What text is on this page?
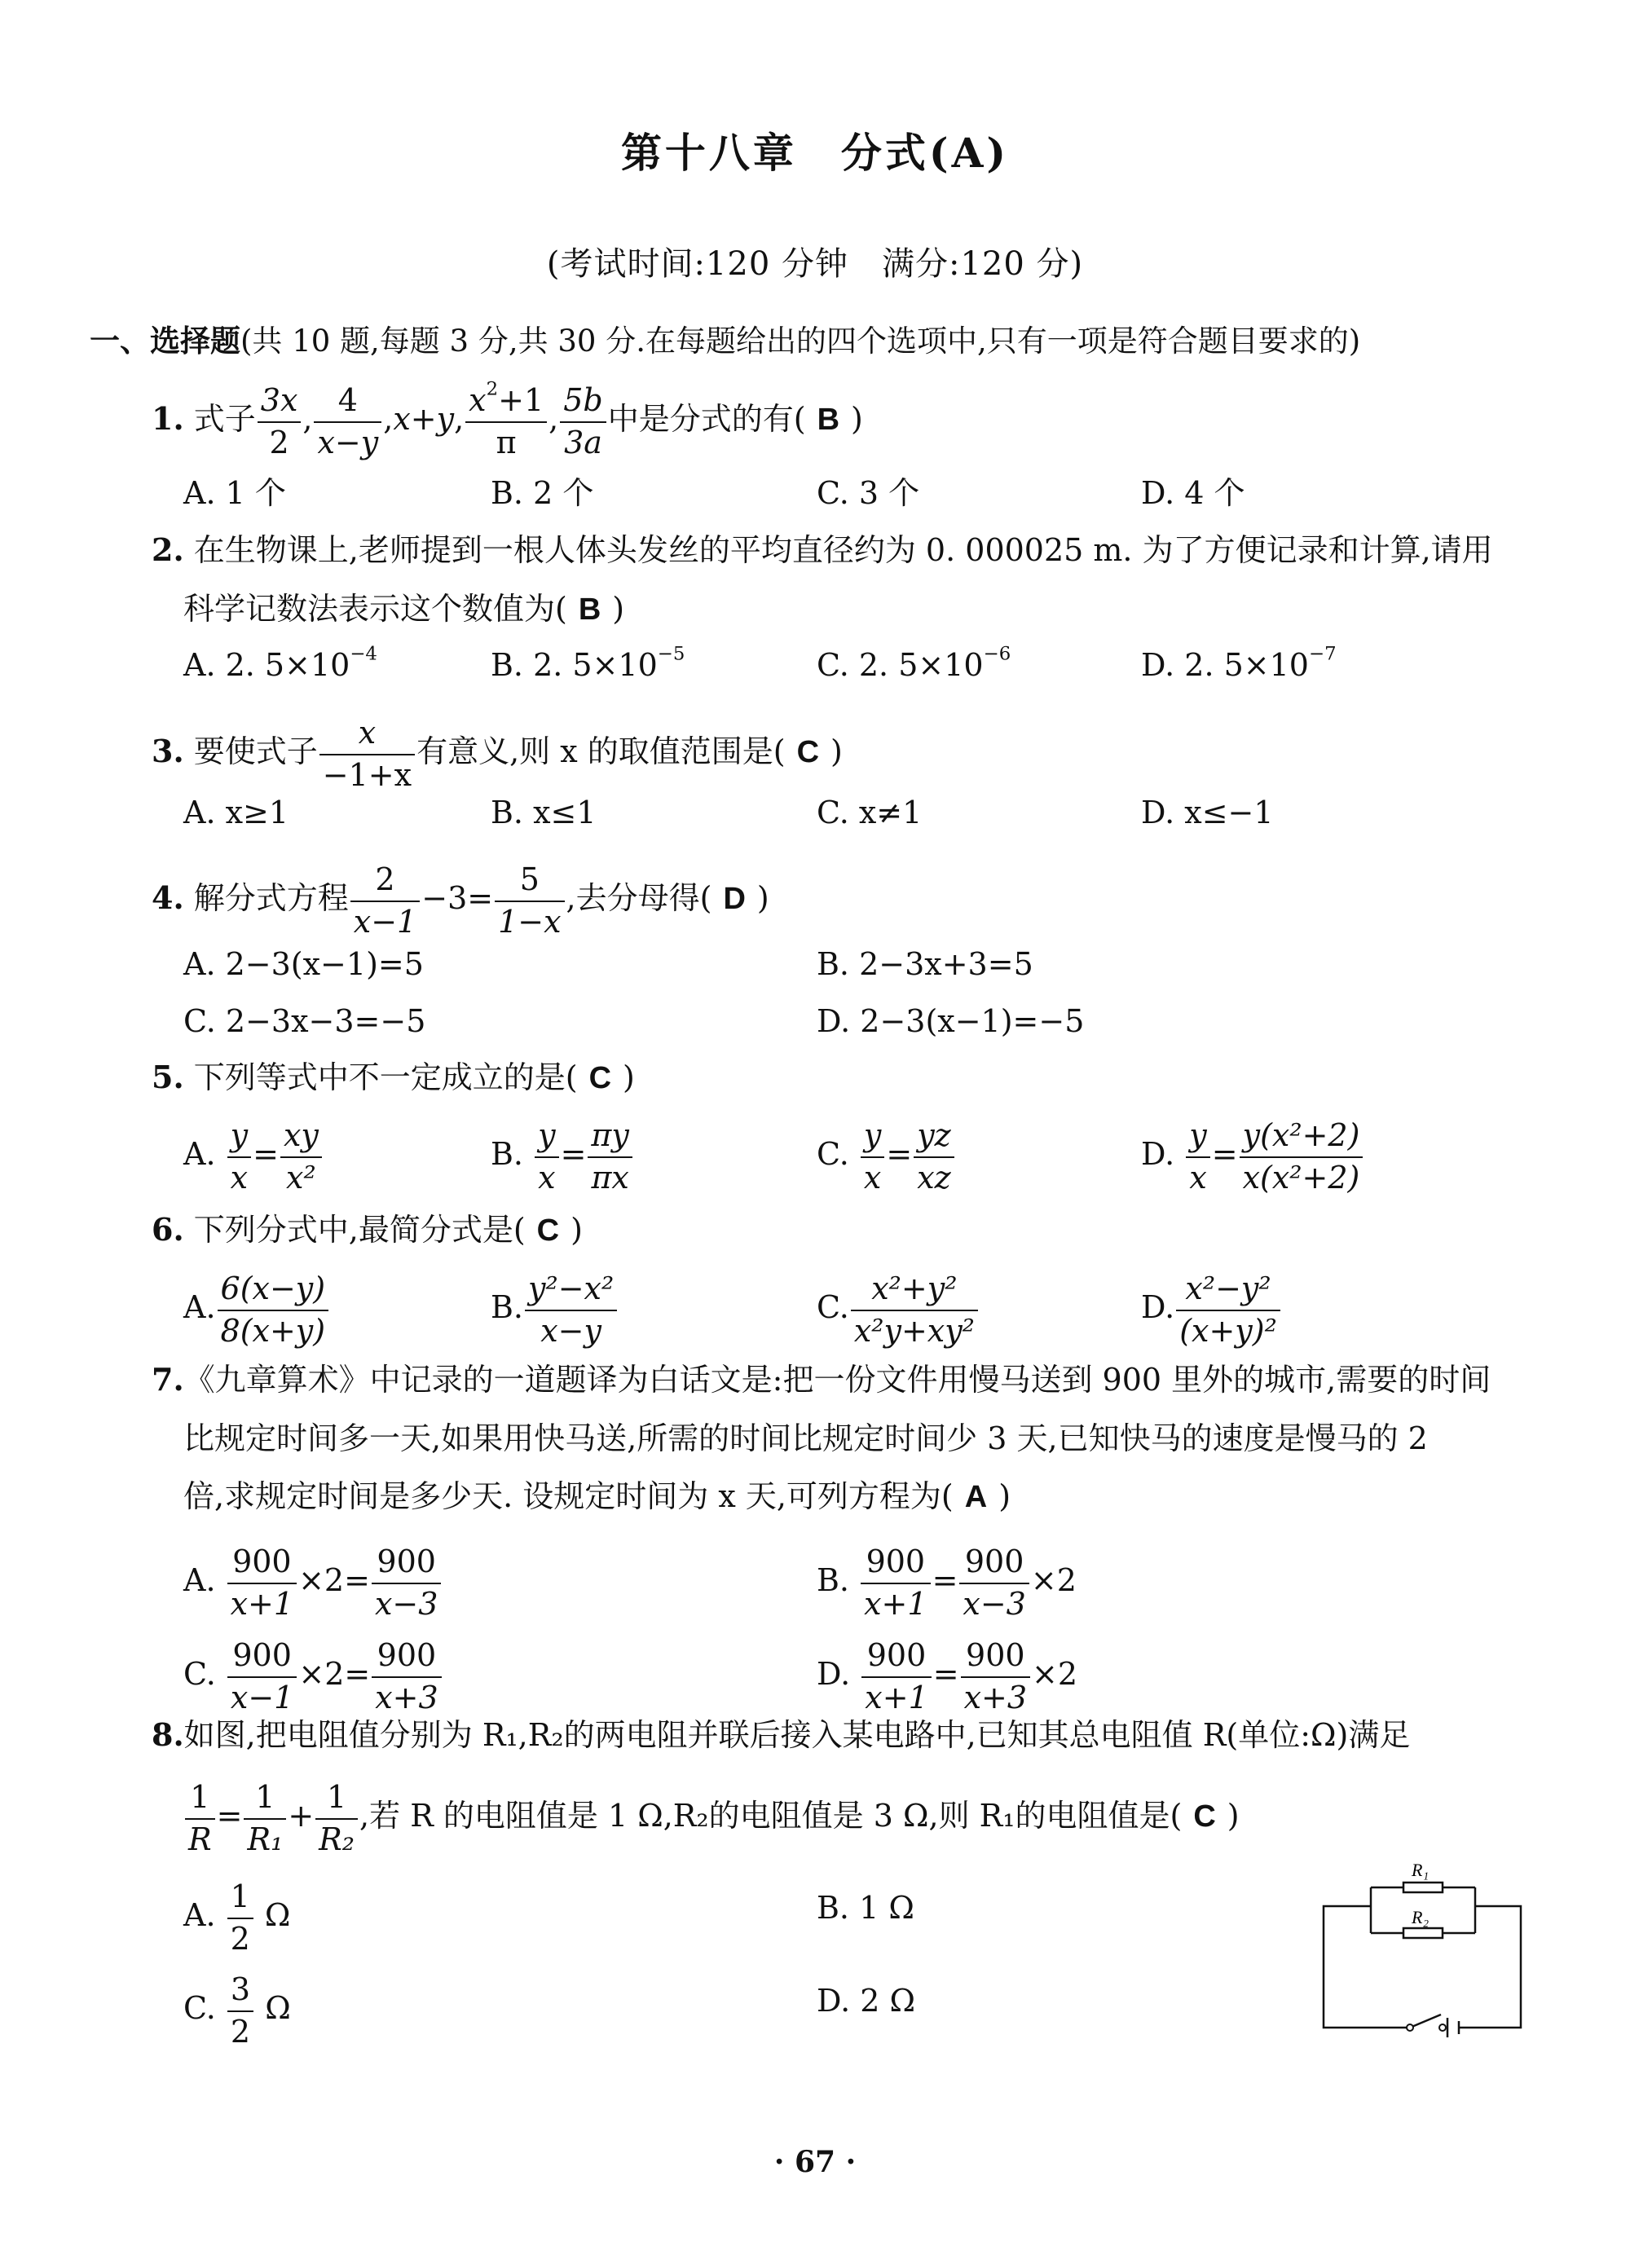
第十八章　分式(A)
(考试时间:120 分钟　满分:120 分)
一、选择题(共 10 题,每题 3 分,共 30 分.在每题给出的四个选项中,只有一项是符合题目要求的)
1. 式子 $\frac{3x}{2}$ , $\frac{4}{x-y} ,x+y$, $\frac{x^2+1}{\pi}$ , $\frac{5b}{3a}$ 中是分式的有( B )
A. 1 个	B. 2 个	C. 3 个	D. 4 个
2. 在生物课上,老师提到一根人体头发丝的平均直径约为 0. 000025 m. 为了方便记录和计算,请用
科学记数法表示这个数值为( B )
A. 2. $5\times 10^{-4}$	B. 2. $5\times 10^{-5}$	C. 2. $5\times 10^{-6}$	D. 2. $5\times 10^{-7}$
3. 要使式子 $\frac{x}{-1+x}$ 有意义,则 x 的取值范围是( C )
A. x≥1	B. x≤1	C. x≠1	D. x≤−1
4. 解分式方程 $\frac{2}{x-1} -3= \frac{5}{1-x}$ ,去分母得( D )
A. 2−3(x−1)=5	B. 2−3x+3=5
C. 2−3x−3=−5	D. 2−3(x−1)=−5
5. 下列等式中不一定成立的是( C )
A. $\frac{y}{x} = \frac{xy}{\text{x²}}$	B. $\frac{y}{x} = \frac{\pi y}{\pi x}$	C. $\frac{y}{x} = \frac{yz}{xz}$	D. $\frac{y}{x} = \frac{\text{y(x²+2)}}{\text{x(x²+2)}}$
6. 下列分式中,最简分式是( C )
A. $\frac{6(x-y)}{8(x+y)}$	B. $\frac{\text{y²−x²}}{x-y}$	C. $\frac{\text{x²+y²}}{\text{x²y+xy²}}$	D. $\frac{\text{x²−y²}}{\text{(x+y)²}}$
7.《九章算术》中记录的一道题译为白话文是:把一份文件用慢马送到 900 里外的城市,需要的时间
比规定时间多一天,如果用快马送,所需的时间比规定时间少 3 天,已知快马的速度是慢马的 2
倍,求规定时间是多少天. 设规定时间为 x 天,可列方程为( A )
A. $\frac{900}{x+1} \times 2= \frac{900}{x-3}$	B. $\frac{900}{x+1} = \frac{900}{x-3} \times 2$
C. $\frac{900}{x-1} \times 2= \frac{900}{x+3}$	D. $\frac{900}{x+1} = \frac{900}{x+3} \times 2$
8.如图,把电阻值分别为 R₁,R₂的两电阻并联后接入某电路中,已知其总电阻值 R(单位:Ω)满足
$\frac{1}{R} = \frac{1}{\text{R₁}} + \frac{1}{\text{R₂}}$ ,若 R 的电阻值是 1 Ω,R₂的电阻值是 3 Ω,则 R₁的电阻值是( C )
A. $\frac{1}{2}$ Ω	B. 1 Ω
C. $\frac{3}{2}$ Ω	D. 2 Ω
R₁
R₂
· 67 ·
